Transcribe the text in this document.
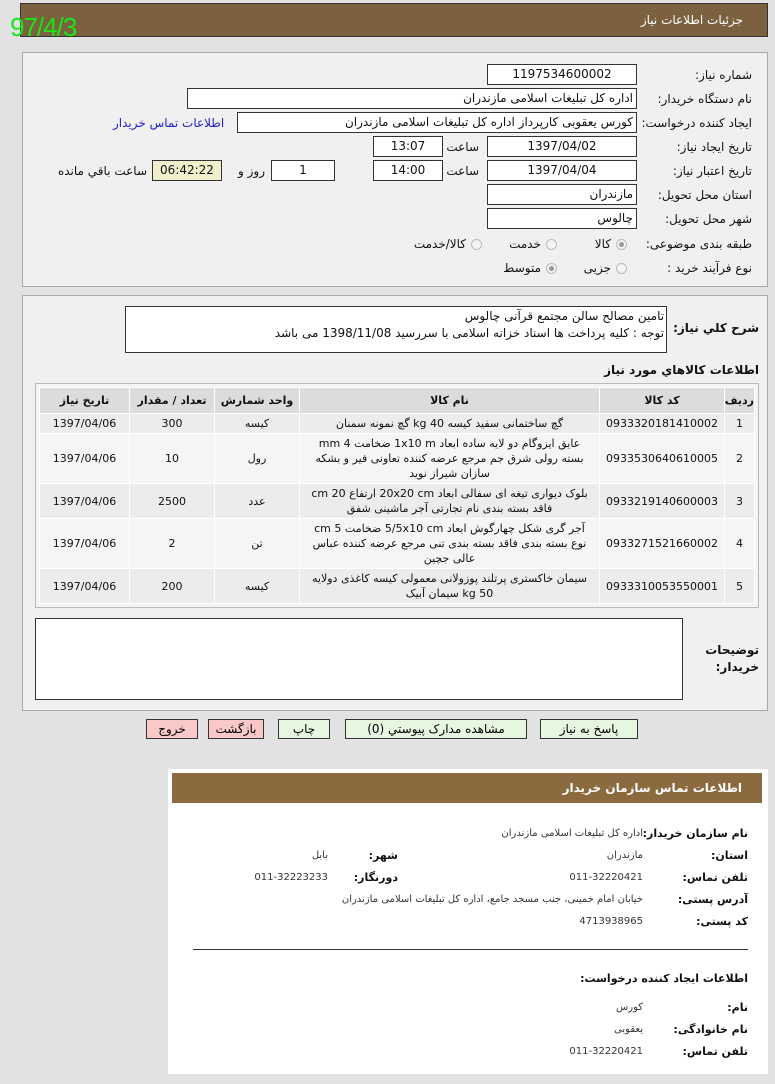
جزئیات اطلاعات نیاز
97/4/3
شماره نیاز:
1197534600002
نام دستگاه خریدار:
اداره کل تبلیغات اسلامی مازندران
ایجاد کننده درخواست:
کورس یعقوبی کارپرداز اداره کل تبلیغات اسلامی مازندران
اطلاعات تماس خریدار
تاریخ ایجاد نیاز:
1397/04/02
ساعت
13:07
تاریخ اعتبار نیاز:
1397/04/04
ساعت
14:00
1
روز و
06:42:22
ساعت باقي مانده
استان محل تحویل:
مازندران
شهر محل تحویل:
چالوس
طبقه بندی موضوعی:
کالا
خدمت
کالا/خدمت
نوع فرآیند خرید :
جزیی
متوسط
شرح کلي نياز:
تامین مصالح سالن مجتمع قرآنی چالوس
توجه : کلیه پرداخت ها اسناد خزانه اسلامی با سررسید 1398/11/08 می باشد
اطلاعات کالاهاي مورد نياز
ردیف	کد کالا	نام کالا	واحد شمارش	تعداد / مقدار	تاریخ نیاز
1	0933320181410002	گچ ساختمانی سفید کیسه 40 kg گچ نمونه سمنان	کیسه	300	1397/04/06
2	0933530640610005	عایق ایزوگام دو لایه ساده ابعاد 1x10 m ضخامت 4 mm بسته رولی شرق جم مرجع عرضه کننده تعاونی فیر و بشکه سازان شیراز نوید	رول	10	1397/04/06
3	0933219140600003	بلوک دیواری تیغه ای سفالی ابعاد 20x20 cm ارتفاع 20 cm فاقد بسته بندی نام تجارتی آجر ماشینی شفق	عدد	2500	1397/04/06
4	0933271521660002	آجر گری شکل چهارگوش ابعاد 5/5x10 cm ضخامت 5 cm نوع بسته بندی فاقد بسته بندی تنی مرجع عرضه کننده عباس عالی جچین	تن	2	1397/04/06
5	0933310053550001	سیمان خاکستری پرتلند پوزولانی معمولی کیسه کاغذی دولایه 50 kg سیمان آبیک	کیسه	200	1397/04/06
توضیحات
خریدار:
پاسخ به نیاز
مشاهده مدارک پیوستي (0)
چاپ
بازگشت
خروج
اطلاعات تماس سازمان خریدار
نام سازمان خریدار:
اداره کل تبلیغات اسلامی مازندران
استان:
مازندران
شهر:
بابل
تلفن تماس:
011-32220421
دورنگار:
011-32223233
آدرس پستی:
خیابان امام خمینی، جنب مسجد جامع، اداره کل تبلیغات اسلامی مازندران
کد پستی:
4713938965
اطلاعات ایجاد کننده درخواست:
نام:
کورس
نام خانوادگی:
یعقوبی
تلفن تماس:
011-32220421
